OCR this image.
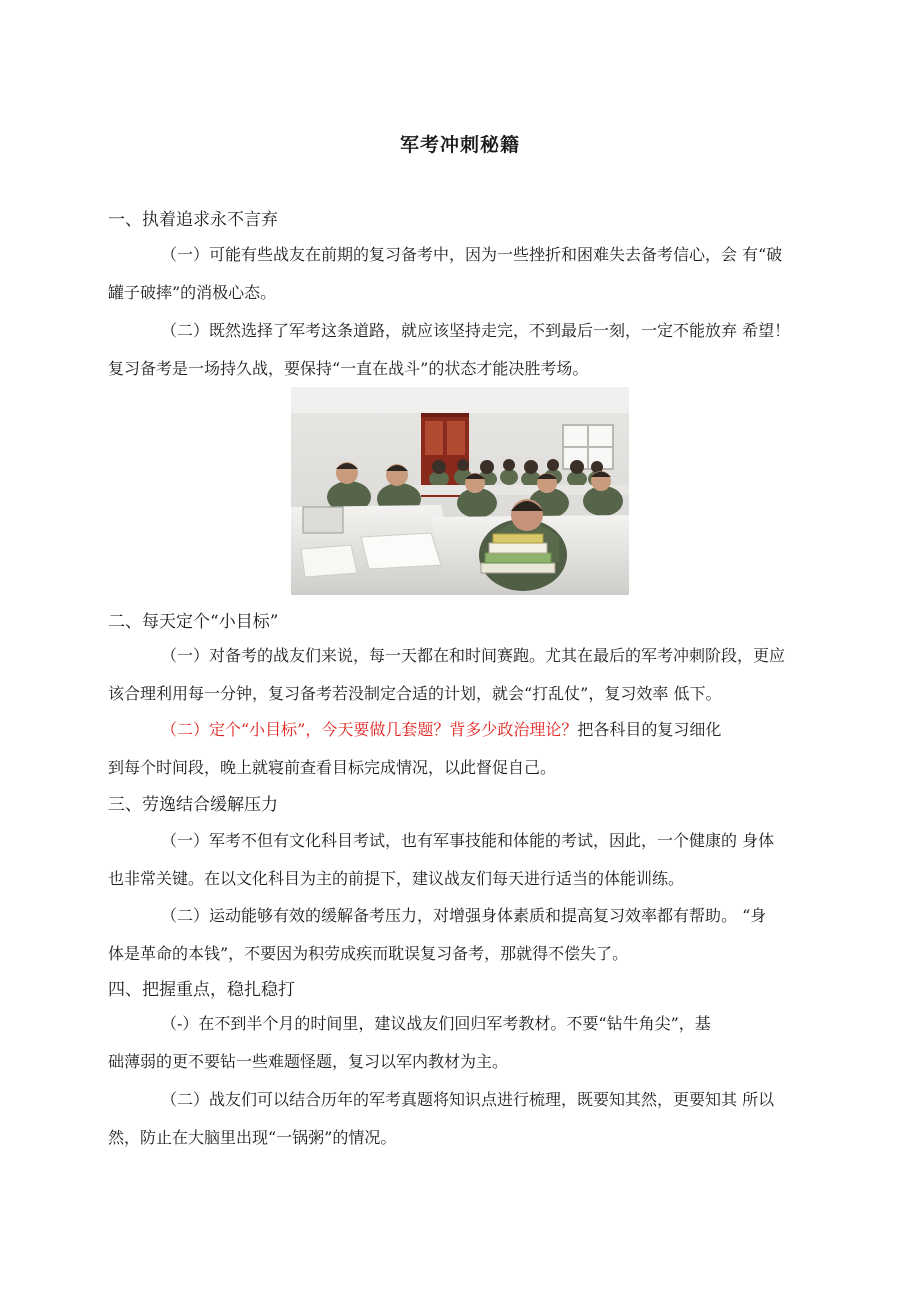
军考冲刺秘籍
一、执着追求永不言弃
（一）可能有些战友在前期的复习备考中，因为一些挫折和困难失去备考信心，会 有“破
罐子破摔”的消极心态。
（二）既然选择了军考这条道路，就应该坚持走完，不到最后一刻，一定不能放弃 希望！
复习备考是一场持久战，要保持“一直在战斗”的状态才能决胜考场。
二、每天定个“小目标”
（一）对备考的战友们来说，每一天都在和时间赛跑。尤其在最后的军考冲刺阶段，更应
该合理利用每一分钟，复习备考若没制定合适的计划，就会“打乱仗”，复习效率 低下。
（二）定个“小目标”，今天要做几套题？背多少政治理论？把各科目的复习细化
到每个时间段，晚上就寝前查看目标完成情况，以此督促自己。
三、劳逸结合缓解压力
（一）军考不但有文化科目考试，也有军事技能和体能的考试，因此，一个健康的 身体
也非常关键。在以文化科目为主的前提下，建议战友们每天进行适当的体能训练。
（二）运动能够有效的缓解备考压力，对增强身体素质和提高复习效率都有帮助。 “身
体是革命的本钱”，不要因为积劳成疾而耽误复习备考，那就得不偿失了。
四、把握重点，稳扎稳打
（-）在不到半个月的时间里，建议战友们回归军考教材。不要“钻牛角尖”，基
础薄弱的更不要钻一些难题怪题，复习以军内教材为主。
（二）战友们可以结合历年的军考真题将知识点进行梳理，既要知其然，更要知其 所以
然，防止在大脑里出现“一锅粥”的情况。
